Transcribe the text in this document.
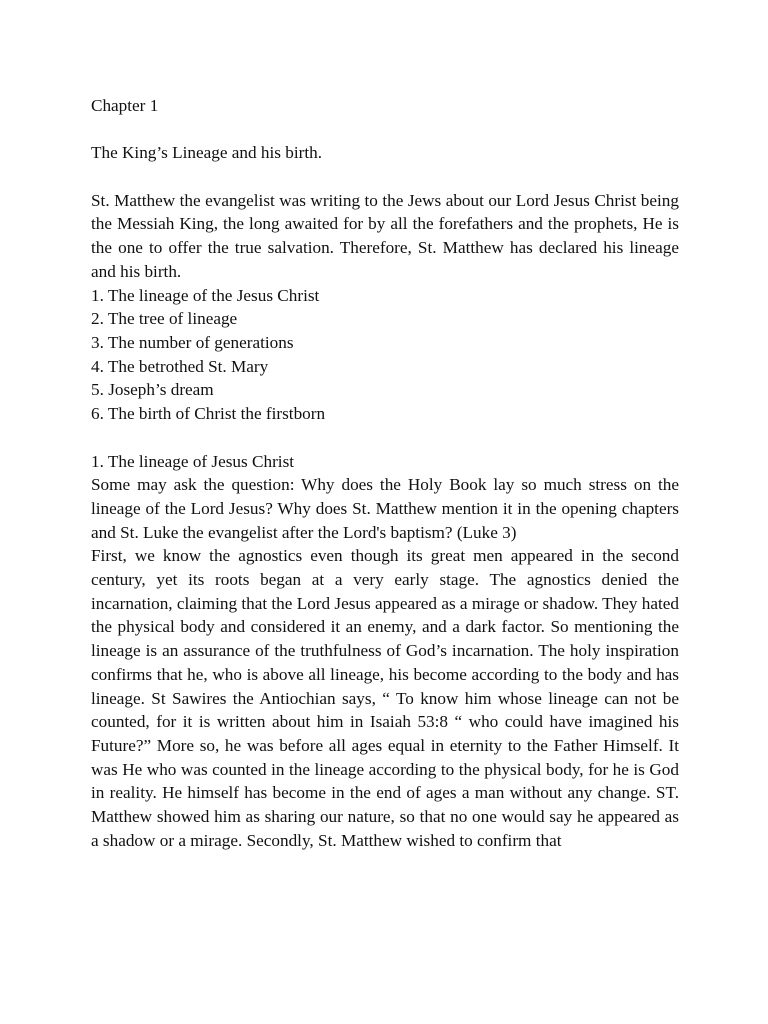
Chapter 1

The King’s Lineage and his birth.

St. Matthew the evangelist was writing to the Jews about our Lord Jesus Christ being the Messiah King, the long awaited for by all the forefathers and the prophets, He is the one to offer the true salvation. Therefore, St. Matthew has declared his lineage and his birth.

1. The lineage of the Jesus Christ
2. The tree of lineage
3. The number of generations
4. The betrothed St. Mary
5. Joseph’s dream
6. The birth of Christ the firstborn

1. The lineage of Jesus Christ

Some may ask the question: Why does the Holy Book lay so much stress on the lineage of the Lord Jesus? Why does St. Matthew mention it in the opening chapters and St. Luke the evangelist after the Lord's baptism? (Luke 3)

First, we know the agnostics even though its great men appeared in the second century, yet its roots began at a very early stage. The agnostics denied the incarnation, claiming that the Lord Jesus appeared as a mirage or shadow. They hated the physical body and considered it an enemy, and a dark factor. So mentioning the lineage is an assurance of the truthfulness of God’s incarnation. The holy inspiration confirms that he, who is above all lineage, his become according to the body and has lineage. St Sawires the Antiochian says, “ To know him whose lineage can not be counted, for it is written about him in Isaiah 53:8 “ who could have imagined his Future?” More so, he was before all ages equal in eternity to the Father Himself. It was He who was counted in the lineage according to the physical body, for he is God in reality. He himself has become in the end of ages a man without any change. ST. Matthew showed him as sharing our nature, so that no one would say he appeared as a shadow or a mirage. Secondly, St. Matthew wished to confirm that
